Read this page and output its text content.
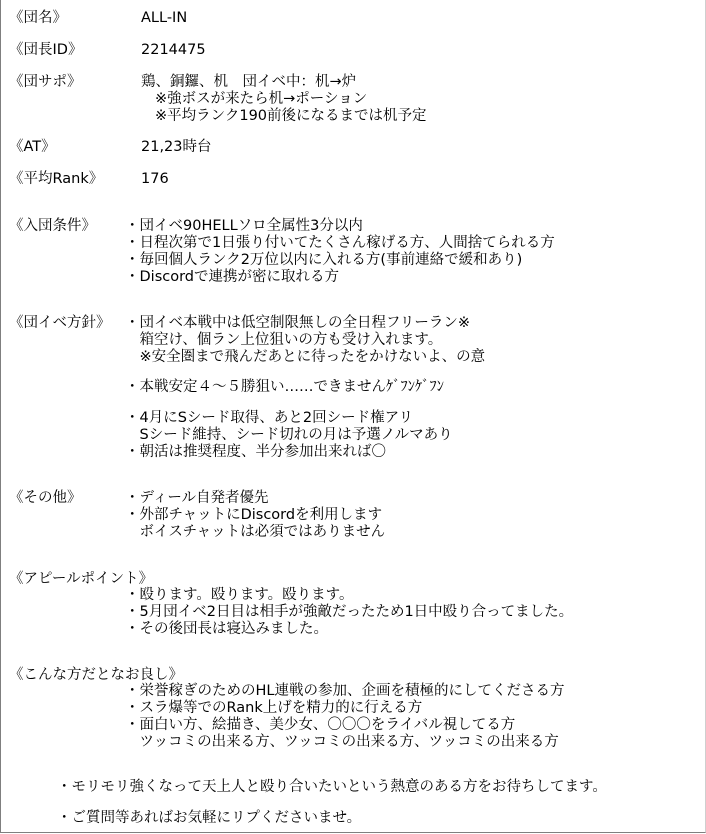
《団名》	ALL-IN
《団長ID》	2214475
《団サポ》	鶏、銅鑼、机　団イベ中：机→炉
※強ボスが来たら机→ポーション
※平均ランク190前後になるまでは机予定
《AT》	21,23時台
《平均Rank》	176
《入団条件》 ・団イベ90HELLソロ全属性3分以内
・日程次第で1日張り付いてたくさん稼げる方、人間捨てられる方
・毎回個人ランク2万位以内に入れる方(事前連絡で緩和あり)
・Discordで連携が密に取れる方
《団イベ方針》 ・団イベ本戦中は低空制限無しの全日程フリーラン※
　箱空け、個ラン上位狙いの方も受け入れます。
　※安全圏まで飛んだあとに待ったをかけないよ、の意
・本戦安定４～５勝狙い……できませんｹﾞﾌﾝｹﾞﾌﾝ
・4月にSシード取得、あと2回シード権アリ
　Sシード維持、シード切れの月は予選ノルマあり
・朝活は推奨程度、半分参加出来れば〇
《その他》	・ディール自発者優先
・外部チャットにDiscordを利用します
　ボイスチャットは必須ではありません
《アピールポイント》
・殴ります。殴ります。殴ります。
・5月団イベ2日目は相手が強敵だったため1日中殴り合ってました。
・その後団長は寝込みました。
《こんな方だとなお良し》
・栄誉稼ぎのためのHL連戦の参加、企画を積極的にしてくださる方
・スラ爆等でのRank上げを精力的に行える方
・面白い方、絵描き、美少女、〇〇〇をライバル視してる方
　ツッコミの出来る方、ツッコミの出来る方、ツッコミの出来る方
・モリモリ強くなって天上人と殴り合いたいという熱意のある方をお待ちしてます。
・ご質問等あればお気軽にリプくださいませ。
